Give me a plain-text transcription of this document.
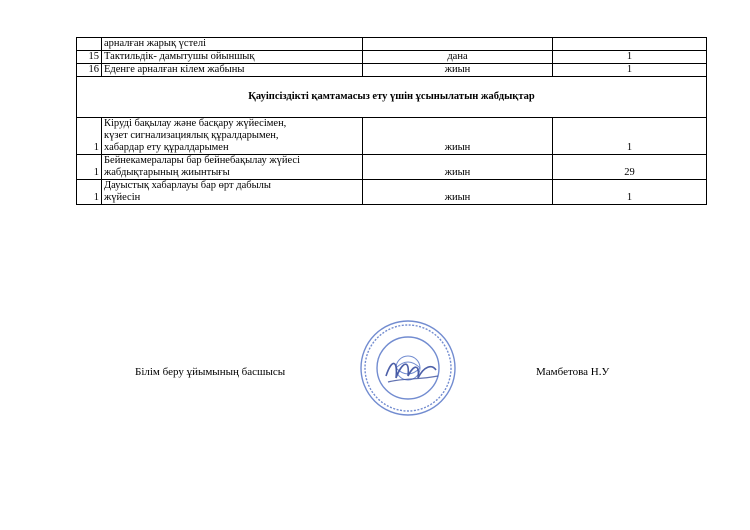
	арналған жарық үстелі		
15	Тактильдік- дамытушы ойыншық	дана	1
16	Еденге арналған кілем жабыны	жиын	1
Қауіпсіздікті қамтамасыз ету үшін ұсынылатын жабдықтар			
1	Кіруді бақылау және басқару жүйесімен,
күзет сигнализациялық құралдарымен,
хабардар ету құралдарымен	жиын	1
1	Бейнекамералары бар бейнебақылау жүйесі
жабдықтарының жиынтығы	жиын	29
1	Дауыстық хабарлауы бар өрт дабылы
жүйесін	жиын	1
Білім беру ұйымының басшысы	Мамбетова Н.У
